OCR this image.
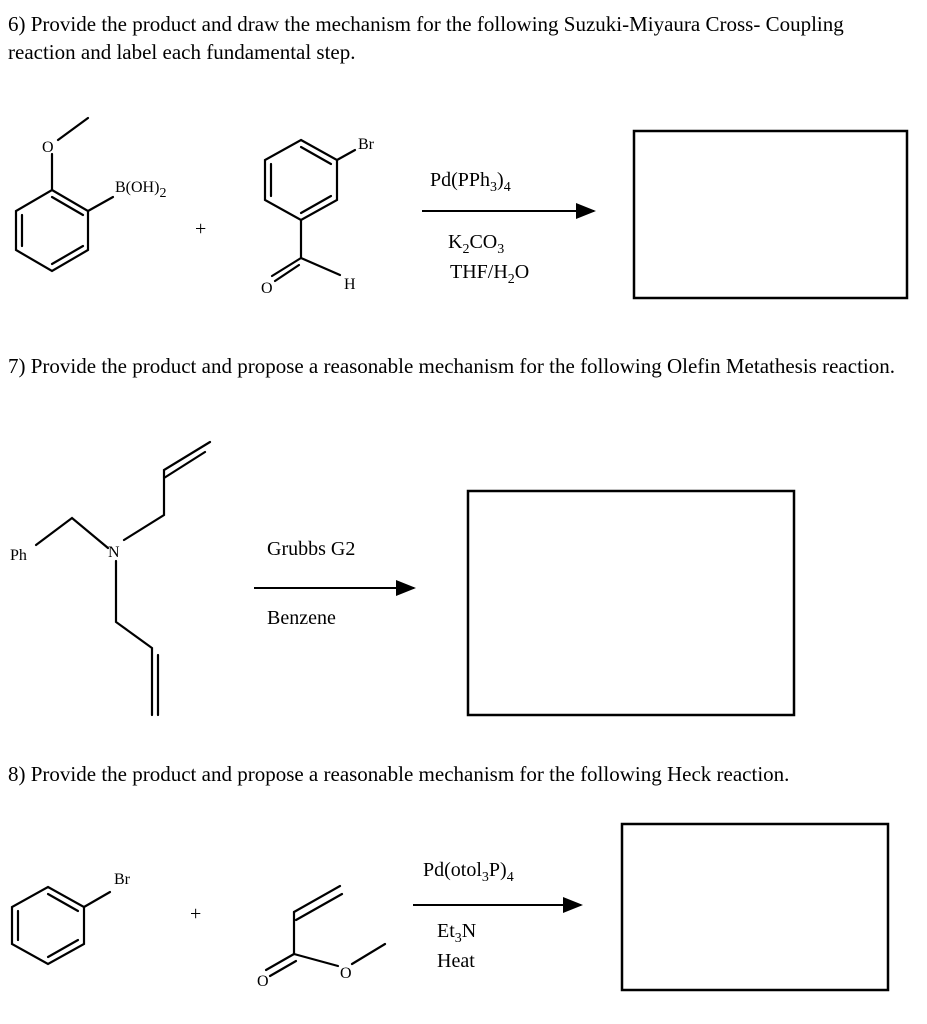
6) Provide the product and draw the mechanism for the following Suzuki-Miyaura Cross- Coupling reaction and label each fundamental step.

7) Provide the product and propose a reasonable mechanism for the following Olefin Metathesis reaction.

8) Provide the product and propose a reasonable mechanism for the following Heck reaction.

O
B(OH)2
+
Br
O	H
$Pd(PPh_3)_4$
$K_2CO_3$
THF/$H_2O$
Ph	N	Grubbs G2
Benzene
Br
+
O	O
$Pd(otol_3P)_4$
$Et_3N$
Heat
